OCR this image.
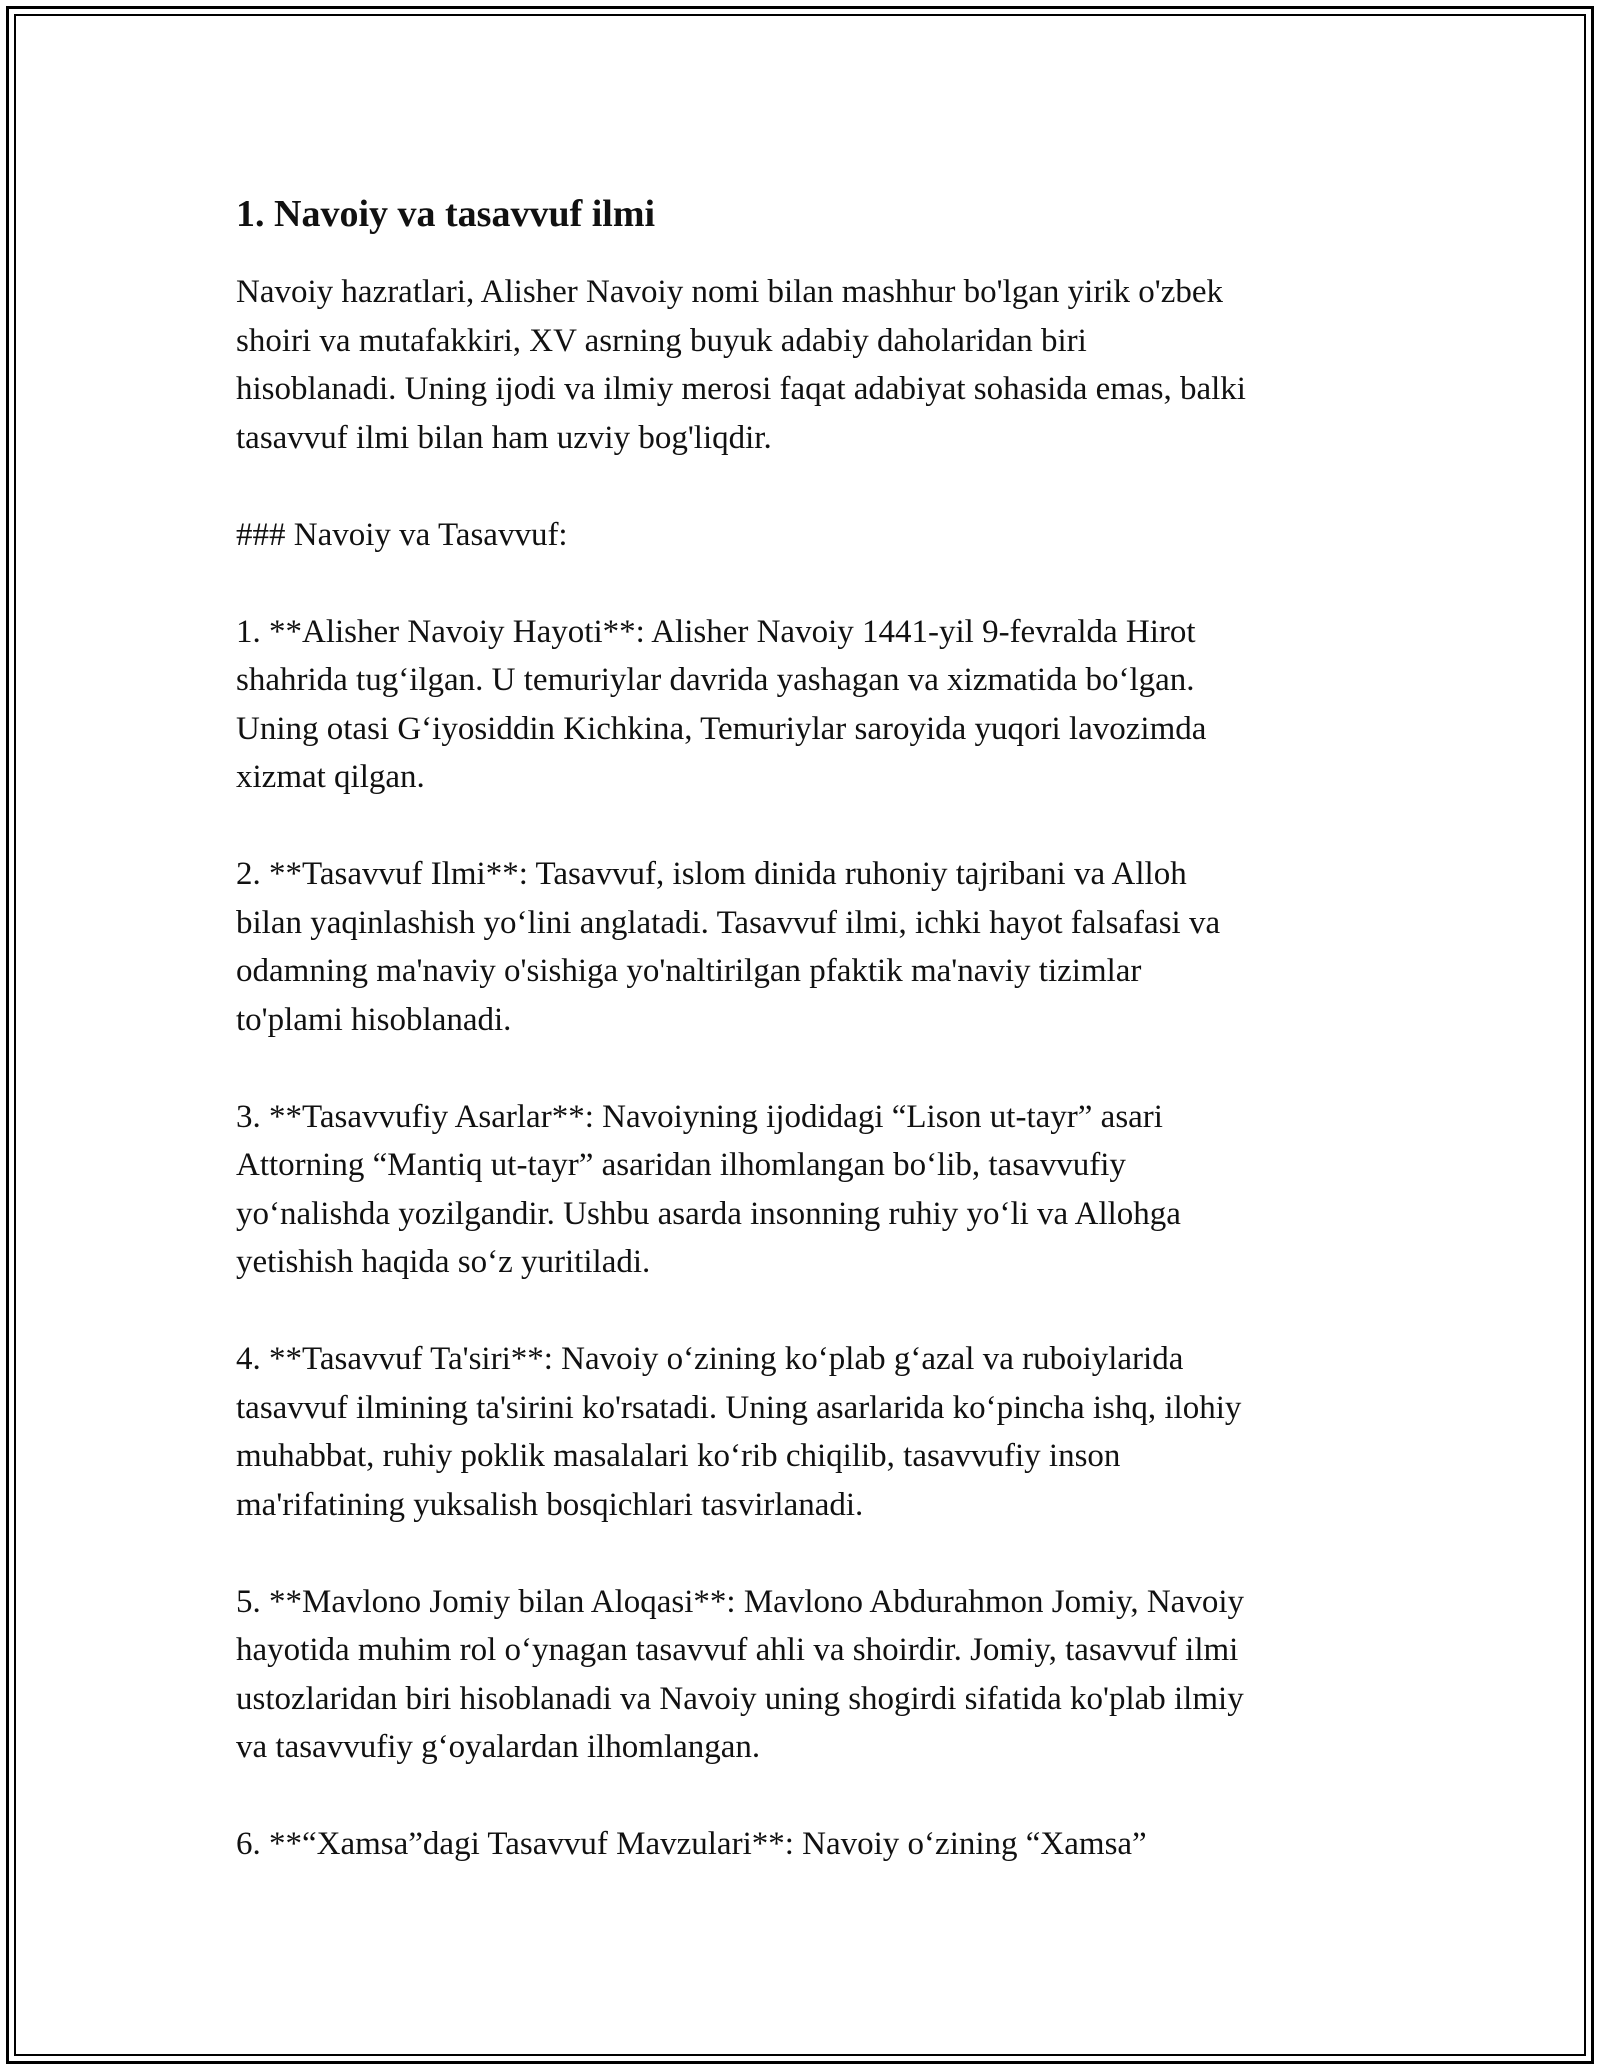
1. Navoiy va tasavvuf ilmi

Navoiy hazratlari, Alisher Navoiy nomi bilan mashhur bo'lgan yirik o'zbek
shoiri va mutafakkiri, XV asrning buyuk adabiy daholaridan biri
hisoblanadi. Uning ijodi va ilmiy merosi faqat adabiyat sohasida emas, balki
tasavvuf ilmi bilan ham uzviy bog'liqdir.

### Navoiy va Tasavvuf:

1. **Alisher Navoiy Hayoti**: Alisher Navoiy 1441-yil 9-fevralda Hirot
shahrida tug‘ilgan. U temuriylar davrida yashagan va xizmatida bo‘lgan.
Uning otasi G‘iyosiddin Kichkina, Temuriylar saroyida yuqori lavozimda
xizmat qilgan.

2. **Tasavvuf Ilmi**: Tasavvuf, islom dinida ruhoniy tajribani va Alloh
bilan yaqinlashish yo‘lini anglatadi. Tasavvuf ilmi, ichki hayot falsafasi va
odamning ma'naviy o'sishiga yo'naltirilgan pfaktik ma'naviy tizimlar
to'plami hisoblanadi.

3. **Tasavvufiy Asarlar**: Navoiyning ijodidagi “Lison ut-tayr” asari
Attorning “Mantiq ut-tayr” asaridan ilhomlangan bo‘lib, tasavvufiy
yo‘nalishda yozilgandir. Ushbu asarda insonning ruhiy yo‘li va Allohga
yetishish haqida so‘z yuritiladi.

4. **Tasavvuf Ta'siri**: Navoiy o‘zining ko‘plab g‘azal va ruboiylarida
tasavvuf ilmining ta'sirini ko'rsatadi. Uning asarlarida ko‘pincha ishq, ilohiy
muhabbat, ruhiy poklik masalalari ko‘rib chiqilib, tasavvufiy inson
ma'rifatining yuksalish bosqichlari tasvirlanadi.

5. **Mavlono Jomiy bilan Aloqasi**: Mavlono Abdurahmon Jomiy, Navoiy
hayotida muhim rol o‘ynagan tasavvuf ahli va shoirdir. Jomiy, tasavvuf ilmi
ustozlaridan biri hisoblanadi va Navoiy uning shogirdi sifatida ko'plab ilmiy
va tasavvufiy g‘oyalardan ilhomlangan.

6. **“Xamsa”dagi Tasavvuf Mavzulari**: Navoiy o‘zining “Xamsa”
